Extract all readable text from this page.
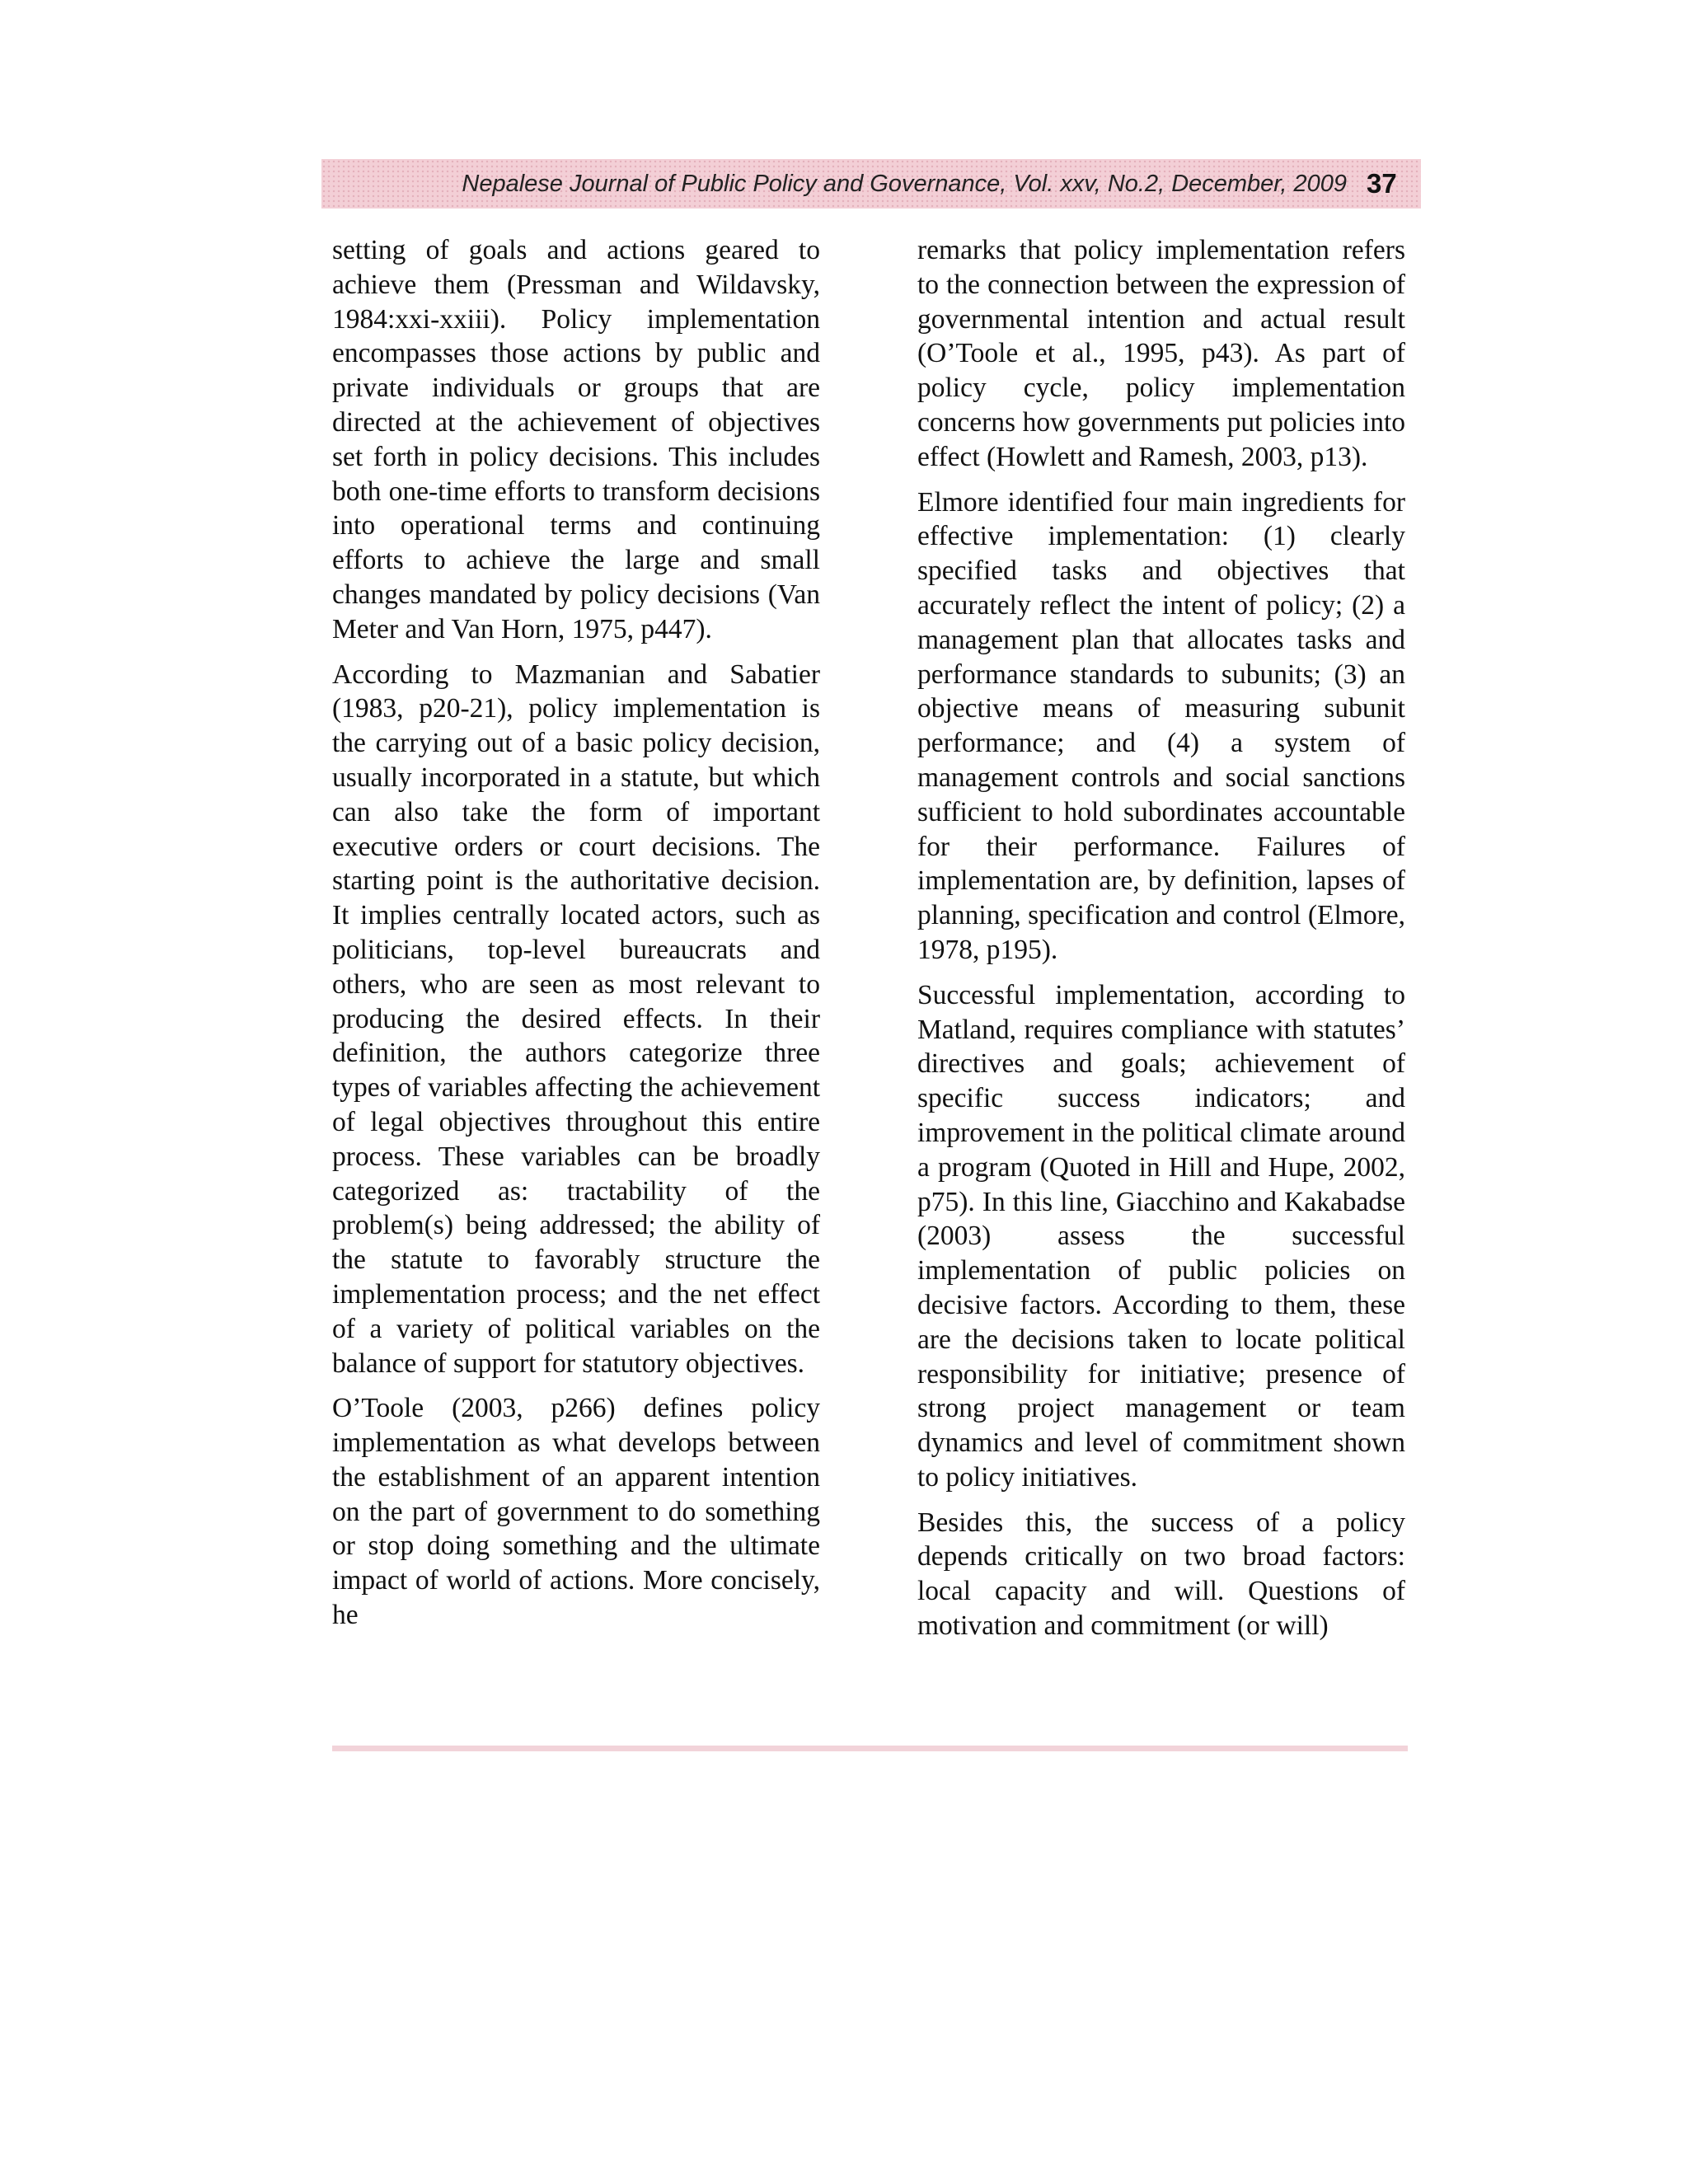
Nepalese Journal of Public Policy and Governance, Vol. xxv, No.2, December, 2009 37

setting of goals and actions geared to achieve them (Pressman and Wildavsky, 1984:xxi-xxiii). Policy implementation encompasses those actions by public and private individuals or groups that are directed at the achievement of objectives set forth in policy decisions. This includes both one-time efforts to transform decisions into operational terms and continuing efforts to achieve the large and small changes mandated by policy decisions (Van Meter and Van Horn, 1975, p447).

According to Mazmanian and Sabatier (1983, p20-21), policy implementation is the carrying out of a basic policy decision, usually incorporated in a statute, but which can also take the form of important executive orders or court decisions. The starting point is the authoritative decision. It implies centrally located actors, such as politicians, top-level bureaucrats and others, who are seen as most relevant to producing the desired effects. In their definition, the authors categorize three types of variables affecting the achievement of legal objectives throughout this entire process. These variables can be broadly categorized as: tractability of the problem(s) being addressed; the ability of the statute to favorably structure the implementation process; and the net effect of a variety of political variables on the balance of support for statutory objectives.

O’Toole (2003, p266) defines policy implementation as what develops between the establishment of an apparent intention on the part of government to do something or stop doing something and the ultimate impact of world of actions. More concisely, he

remarks that policy implementation refers to the connection between the expression of governmental intention and actual result (O’Toole et al., 1995, p43). As part of policy cycle, policy implementation concerns how governments put policies into effect (Howlett and Ramesh, 2003, p13).

Elmore identified four main ingredients for effective implementation: (1) clearly specified tasks and objectives that accurately reflect the intent of policy; (2) a management plan that allocates tasks and performance standards to subunits; (3) an objective means of measuring subunit performance; and (4) a system of management controls and social sanctions sufficient to hold subordinates accountable for their performance. Failures of implementation are, by definition, lapses of planning, specification and control (Elmore, 1978, p195).

Successful implementation, according to Matland, requires compliance with statutes’ directives and goals; achievement of specific success indicators; and improvement in the political climate around a program (Quoted in Hill and Hupe, 2002, p75). In this line, Giacchino and Kakabadse (2003) assess the successful implementation of public policies on decisive factors. According to them, these are the decisions taken to locate political responsibility for initiative; presence of strong project management or team dynamics and level of commitment shown to policy initiatives.

Besides this, the success of a policy depends critically on two broad factors: local capacity and will. Questions of motivation and commitment (or will)
